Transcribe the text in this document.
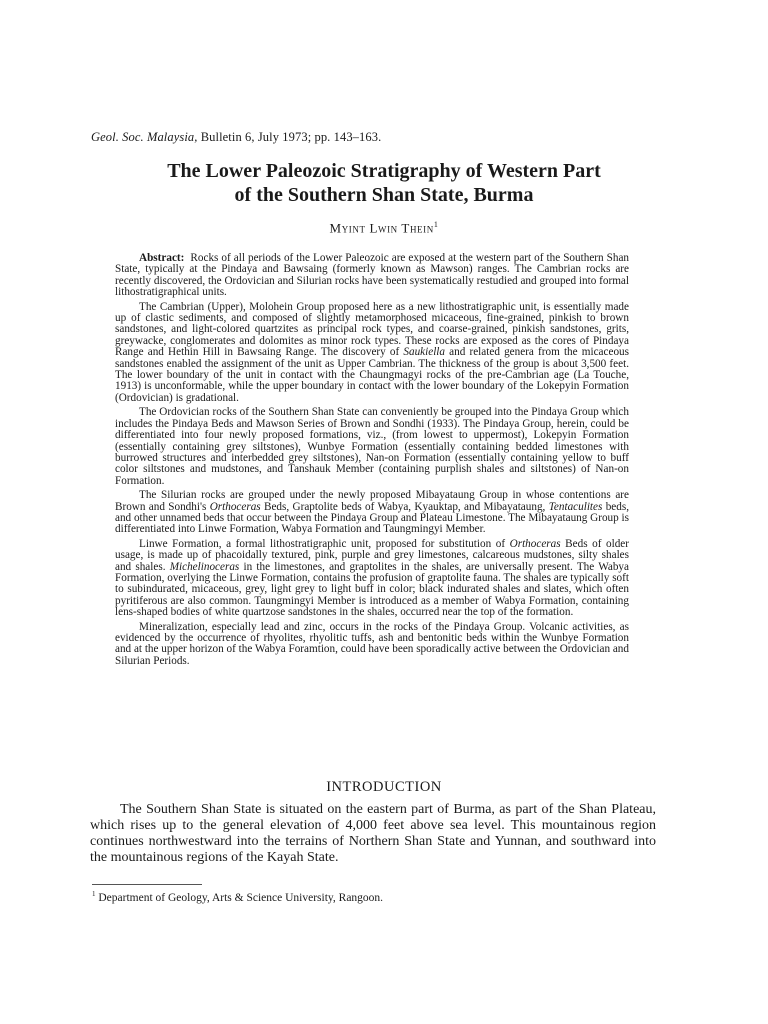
Geol. Soc. Malaysia, Bulletin 6, July 1973; pp. 143–163.
The Lower Paleozoic Stratigraphy of Western Part
of the Southern Shan State, Burma
Myint Lwin Thein$^1$

Abstract: Rocks of all periods of the Lower Paleozoic are exposed at the western part of the Southern Shan State, typically at the Pindaya and Bawsaing (formerly known as Mawson) ranges. The Cambrian rocks are recently discovered, the Ordovician and Silurian rocks have been systematically restudied and grouped into formal lithostratigraphical units.

The Cambrian (Upper), Molohein Group proposed here as a new lithostratigraphic unit, is essentially made up of clastic sediments, and composed of slightly metamorphosed micaceous, fine-grained, pinkish to brown sandstones, and light-colored quartzites as principal rock types, and coarse-grained, pinkish sandstones, grits, greywacke, conglomerates and dolomites as minor rock types. These rocks are exposed as the cores of Pindaya Range and Hethin Hill in Bawsaing Range. The discovery of Saukiella and related genera from the micaceous sandstones enabled the assignment of the unit as Upper Cambrian. The thickness of the group is about 3,500 feet. The lower boundary of the unit in contact with the Chaungmagyi rocks of the pre-Cambrian age (La Touche, 1913) is unconformable, while the upper boundary in contact with the lower boundary of the Lokepyin Formation (Ordovician) is gradational.

The Ordovician rocks of the Southern Shan State can conveniently be grouped into the Pindaya Group which includes the Pindaya Beds and Mawson Series of Brown and Sondhi (1933). The Pindaya Group, herein, could be differentiated into four newly proposed formations, viz., (from lowest to uppermost), Lokepyin Formation (essentially containing grey siltstones), Wunbye Formation (essentially containing bedded limestones with burrowed structures and interbedded grey siltstones), Nan-on Formation (essentially containing yellow to buff color siltstones and mudstones, and Tanshauk Member (containing purplish shales and siltstones) of Nan-on Formation.

The Silurian rocks are grouped under the newly proposed Mibayataung Group in whose contentions are Brown and Sondhi's Orthoceras Beds, Graptolite beds of Wabya, Kyauktap, and Mibayataung, Tentaculites beds, and other unnamed beds that occur between the Pindaya Group and Plateau Limestone. The Mibayataung Group is differentiated into Linwe Formation, Wabya Formation and Taungmingyi Member.

Linwe Formation, a formal lithostratigraphic unit, proposed for substitution of Orthoceras Beds of older usage, is made up of phacoidally textured, pink, purple and grey limestones, calcareous mudstones, silty shales and shales. Michelinoceras in the limestones, and graptolites in the shales, are universally present. The Wabya Formation, overlying the Linwe Formation, contains the profusion of graptolite fauna. The shales are typically soft to subindurated, micaceous, grey, light grey to light buff in color; black indurated shales and slates, which often pyritiferous are also common. Taungmingyi Member is introduced as a member of Wabya Formation, containing lens-shaped bodies of white quartzose sandstones in the shales, occurred near the top of the formation.

Mineralization, especially lead and zinc, occurs in the rocks of the Pindaya Group. Volcanic activities, as evidenced by the occurrence of rhyolites, rhyolitic tuffs, ash and bentonitic beds within the Wunbye Formation and at the upper horizon of the Wabya Foramtion, could have been sporadically active between the Ordovician and Silurian Periods.

INTRODUCTION

The Southern Shan State is situated on the eastern part of Burma, as part of the Shan Plateau, which rises up to the general elevation of 4,000 feet above sea level. This mountainous region continues northwestward into the terrains of Northern Shan State and Yunnan, and southward into the mountainous regions of the Kayah State.

$^1$ Department of Geology, Arts & Science University, Rangoon.
